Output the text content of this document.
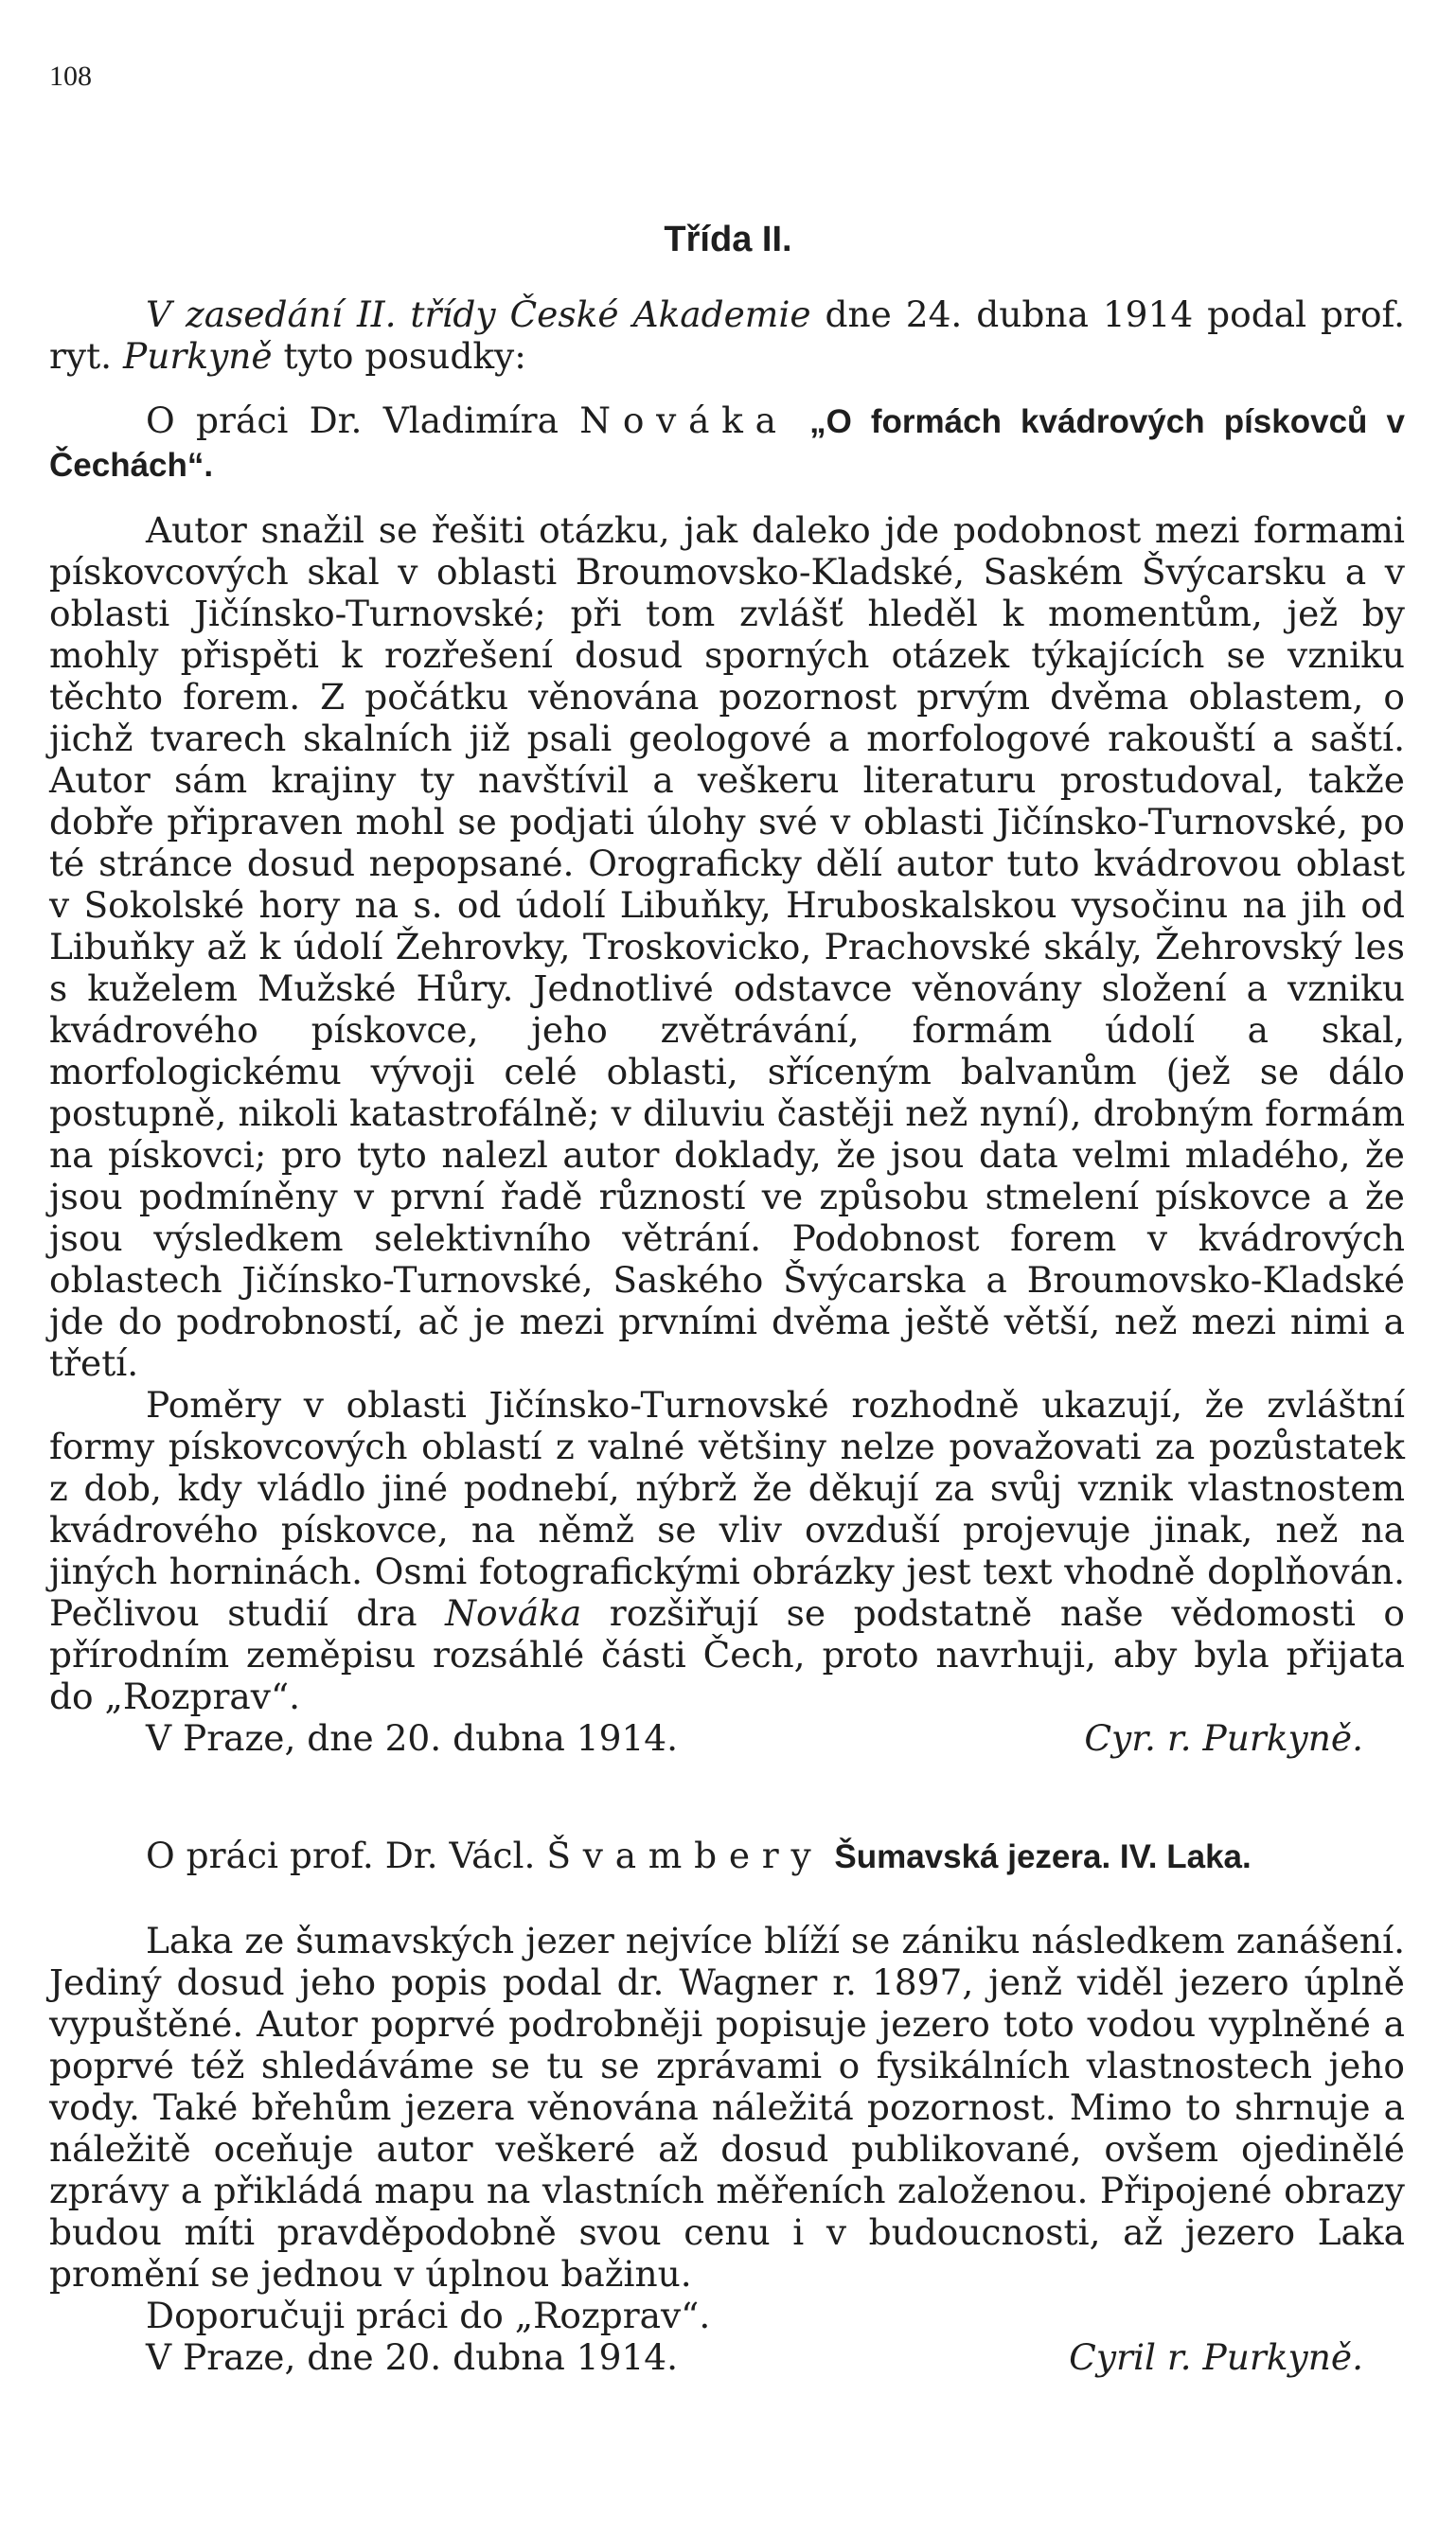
108
Třída II.

V zasedání II. třídy České Akademie dne 24. dubna 1914 podal prof. ryt. Purkyně tyto posudky:

O práci Dr. Vladimíra Nováka „O formách kvádrových pískovců v Čechách“.

Autor snažil se řešiti otázku, jak daleko jde podobnost mezi formami pískovcových skal v oblasti Broumovsko-Kladské, Saském Švýcarsku a v oblasti Jičínsko-Turnovské; při tom zvlášť hleděl k momentům, jež by mohly přispěti k rozřešení dosud sporných otázek týkajících se vzniku těchto forem. Z počátku věnována pozornost prvým dvěma oblastem, o jichž tvarech skalních již psali geologové a morfologové rakouští a saští. Autor sám krajiny ty navštívil a veškeru literaturu prostudoval, takže dobře připraven mohl se podjati úlohy své v oblasti Jičínsko-Turnovské, po té stránce dosud nepopsané. Orograficky dělí autor tuto kvádrovou oblast v Sokolské hory na s. od údolí Libuňky, Hruboskalskou vysočinu na jih od Libuňky až k údolí Žehrovky, Troskovicko, Prachovské skály, Žehrovský les s kuželem Mužské Hůry. Jednotlivé odstavce věnovány složení a vzniku kvádrového pískovce, jeho zvětrávání, formám údolí a skal, morfologickému vývoji celé oblasti, sříceným balvanům (jež se dálo postupně, nikoli katastrofálně; v diluviu častěji než nyní), drobným formám na pískovci; pro tyto nalezl autor doklady, že jsou data velmi mladého, že jsou podmíněny v první řadě růzností ve způsobu stmelení pískovce a že jsou výsledkem selektivního větrání. Podobnost forem v kvádrových oblastech Jičínsko-Turnovské, Saského Švýcarska a Broumovsko-Kladské jde do podrobností, ač je mezi prvními dvěma ještě větší, než mezi nimi a třetí.

Poměry v oblasti Jičínsko-Turnovské rozhodně ukazují, že zvláštní formy pískovcových oblastí z valné většiny nelze považovati za pozůstatek z dob, kdy vládlo jiné podnebí, nýbrž že děkují za svůj vznik vlastnostem kvádrového pískovce, na němž se vliv ovzduší projevuje jinak, než na jiných horninách. Osmi fotografickými obrázky jest text vhodně doplňován. Pečlivou studií dra Nováka rozšiřují se podstatně naše vědomosti o přírodním zeměpisu rozsáhlé části Čech, proto navrhuji, aby byla přijata do „Rozprav“.

V Praze, dne 20. dubna 1914.	Cyr. r. Purkyně.

O práci prof. Dr. Václ. Švambery Šumavská jezera. IV. Laka.

Laka ze šumavských jezer nejvíce blíží se zániku následkem zanášení. Jediný dosud jeho popis podal dr. Wagner r. 1897, jenž viděl jezero úplně vypuštěné. Autor poprvé podrobněji popisuje jezero toto vodou vyplněné a poprvé též shledáváme se tu se zprávami o fysikálních vlastnostech jeho vody. Také břehům jezera věnována náležitá pozornost. Mimo to shrnuje a náležitě oceňuje autor veškeré až dosud publikované, ovšem ojedinělé zprávy a přikládá mapu na vlastních měřeních založenou. Připojené obrazy budou míti pravděpodobně svou cenu i v budoucnosti, až jezero Laka promění se jednou v úplnou bažinu.

Doporučuji práci do „Rozprav“.

V Praze, dne 20. dubna 1914.	Cyril r. Purkyně.
